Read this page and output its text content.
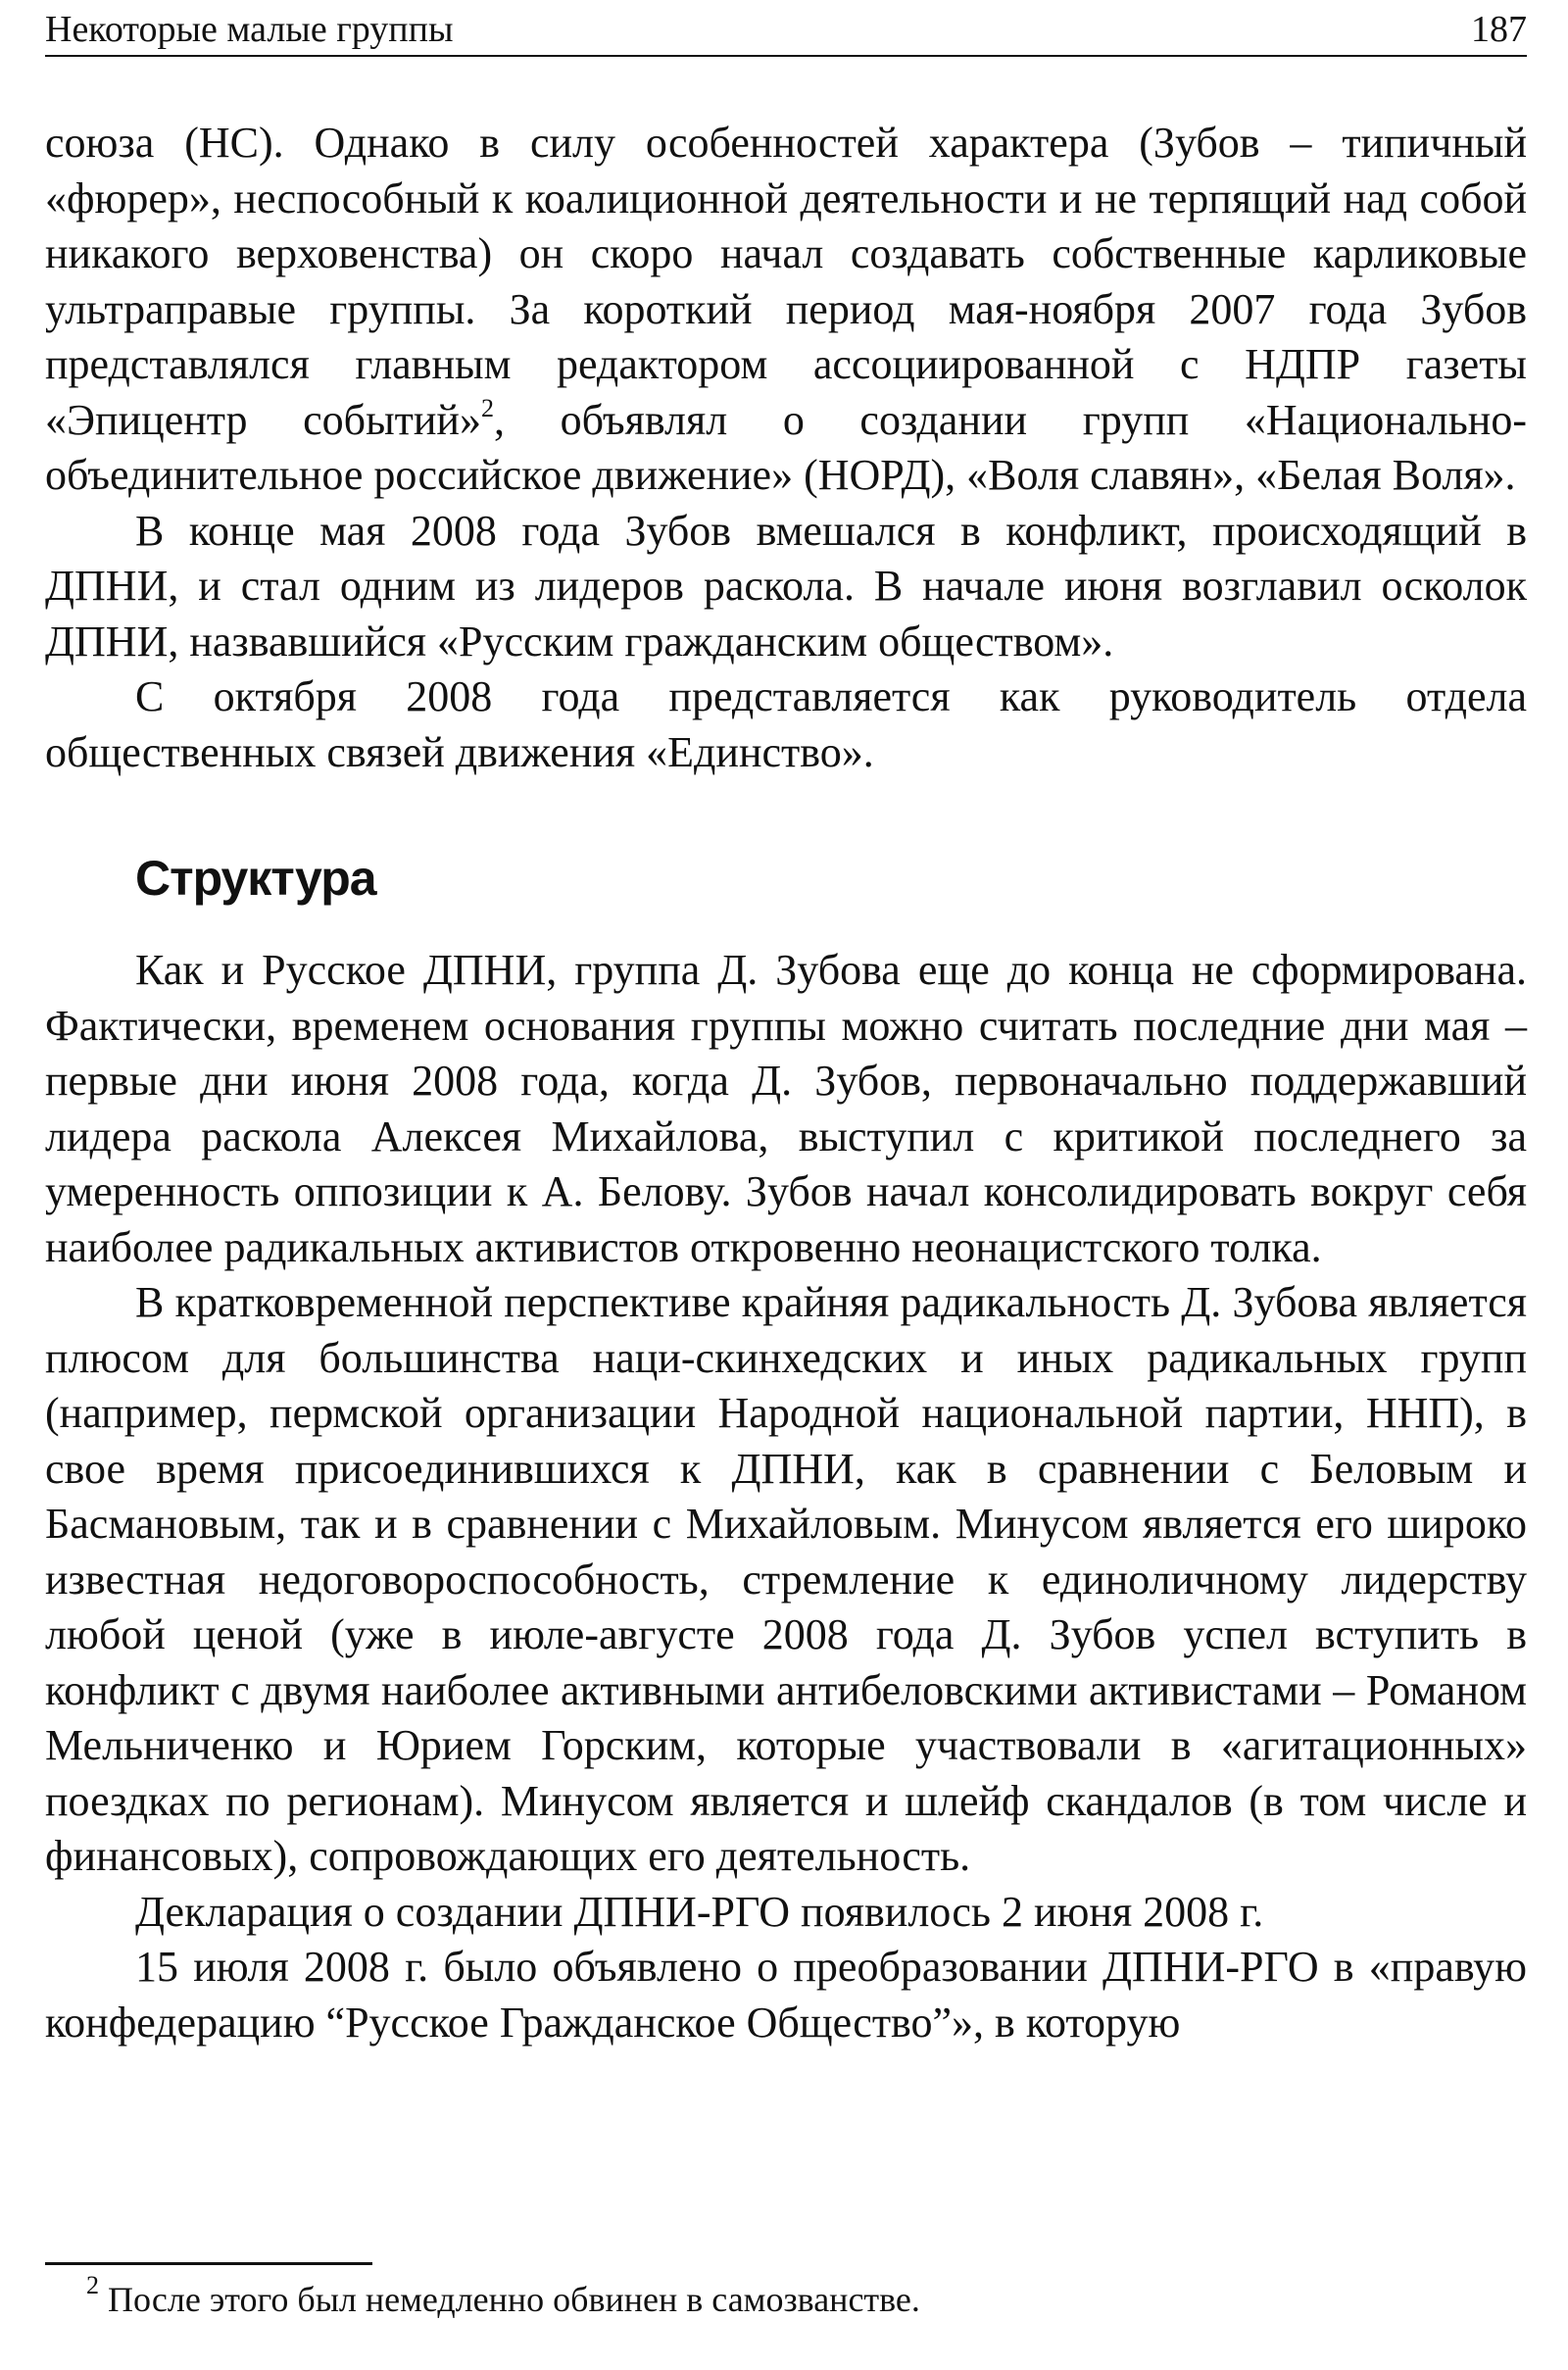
Некоторые малые группы	187

союза (НС). Однако в силу особенностей характера (Зубов – типичный «фюрер», неспособный к коалиционной деятельности и не терпящий над собой никакого верховенства) он скоро начал создавать собственные карликовые ультраправые группы. За короткий период мая-ноября 2007 года Зубов представлялся главным редактором ассоциированной с НДПР газеты «Эпицентр событий»$^2$, объявлял о создании групп «Национально-объединительное российское движение» (НОРД), «Воля славян», «Белая Воля».

В конце мая 2008 года Зубов вмешался в конфликт, происходящий в ДПНИ, и стал одним из лидеров раскола. В начале июня возглавил осколок ДПНИ, назвавшийся «Русским гражданским обществом».

С октября 2008 года представляется как руководитель отдела общественных связей движения «Единство».

Структура

Как и Русское ДПНИ, группа Д. Зубова еще до конца не сформирована. Фактически, временем основания группы можно считать последние дни мая – первые дни июня 2008 года, когда Д. Зубов, первоначально поддержавший лидера раскола Алексея Михайлова, выступил с критикой последнего за умеренность оппозиции к А. Белову. Зубов начал консолидировать вокруг себя наиболее радикальных активистов откровенно неонацистского толка.

В кратковременной перспективе крайняя радикальность Д. Зубова является плюсом для большинства наци-скинхедских и иных радикальных групп (например, пермской организации Народной национальной партии, ННП), в свое время присоединившихся к ДПНИ, как в сравнении с Беловым и Басмановым, так и в сравнении с Михайловым. Минусом является его широко известная недоговороспособность, стремление к единоличному лидерству любой ценой (уже в июле-августе 2008 года Д. Зубов успел вступить в конфликт с двумя наиболее активными антибеловскими активистами – Романом Мельниченко и Юрием Горским, которые участвовали в «агитационных» поездках по регионам). Минусом является и шлейф скандалов (в том числе и финансовых), сопровождающих его деятельность.

Декларация о создании ДПНИ-РГО появилось 2 июня 2008 г.

15 июля 2008 г. было объявлено о преобразовании ДПНИ-РГО в «правую конфедерацию “Русское Гражданское Общество”», в которую

$^2$ После этого был немедленно обвинен в самозванстве.
